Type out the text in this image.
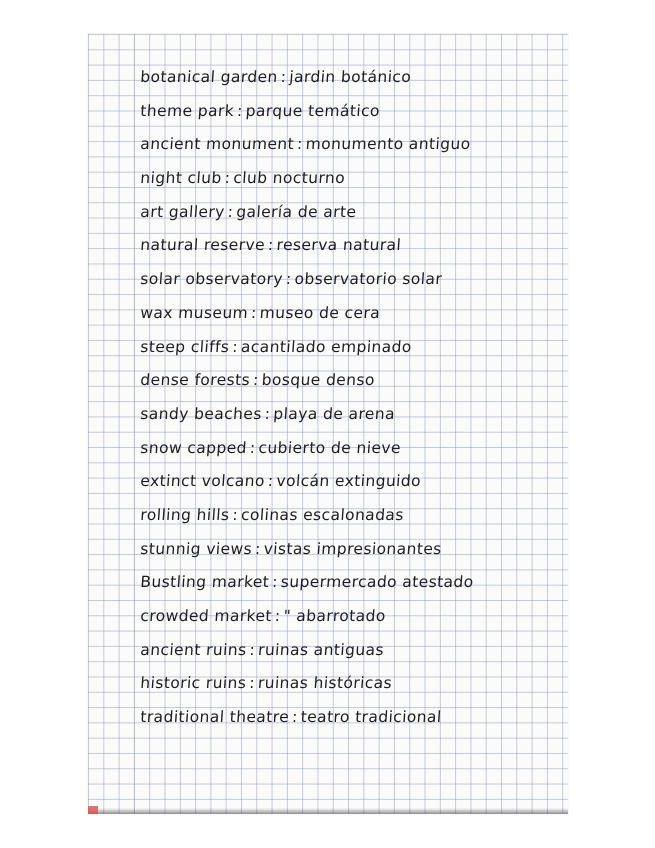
botanical garden : jardin botánico
theme park : parque temático
ancient monument : monumento antiguo
night club : club nocturno
art gallery : galería de arte
natural reserve : reserva natural
solar observatory : observatorio solar
wax museum : museo de cera
steep cliffs : acantilado empinado
dense forests : bosque denso
sandy beaches : playa de arena
snow capped : cubierto de nieve
extinct volcano : volcán extinguido
rolling hills : colinas escalonadas
stunnig views : vistas impresionantes
Bustling market : supermercado atestado
crowded market : " abarrotado
ancient ruins : ruinas antiguas
historic ruins : ruinas históricas
traditional theatre : teatro tradicional
